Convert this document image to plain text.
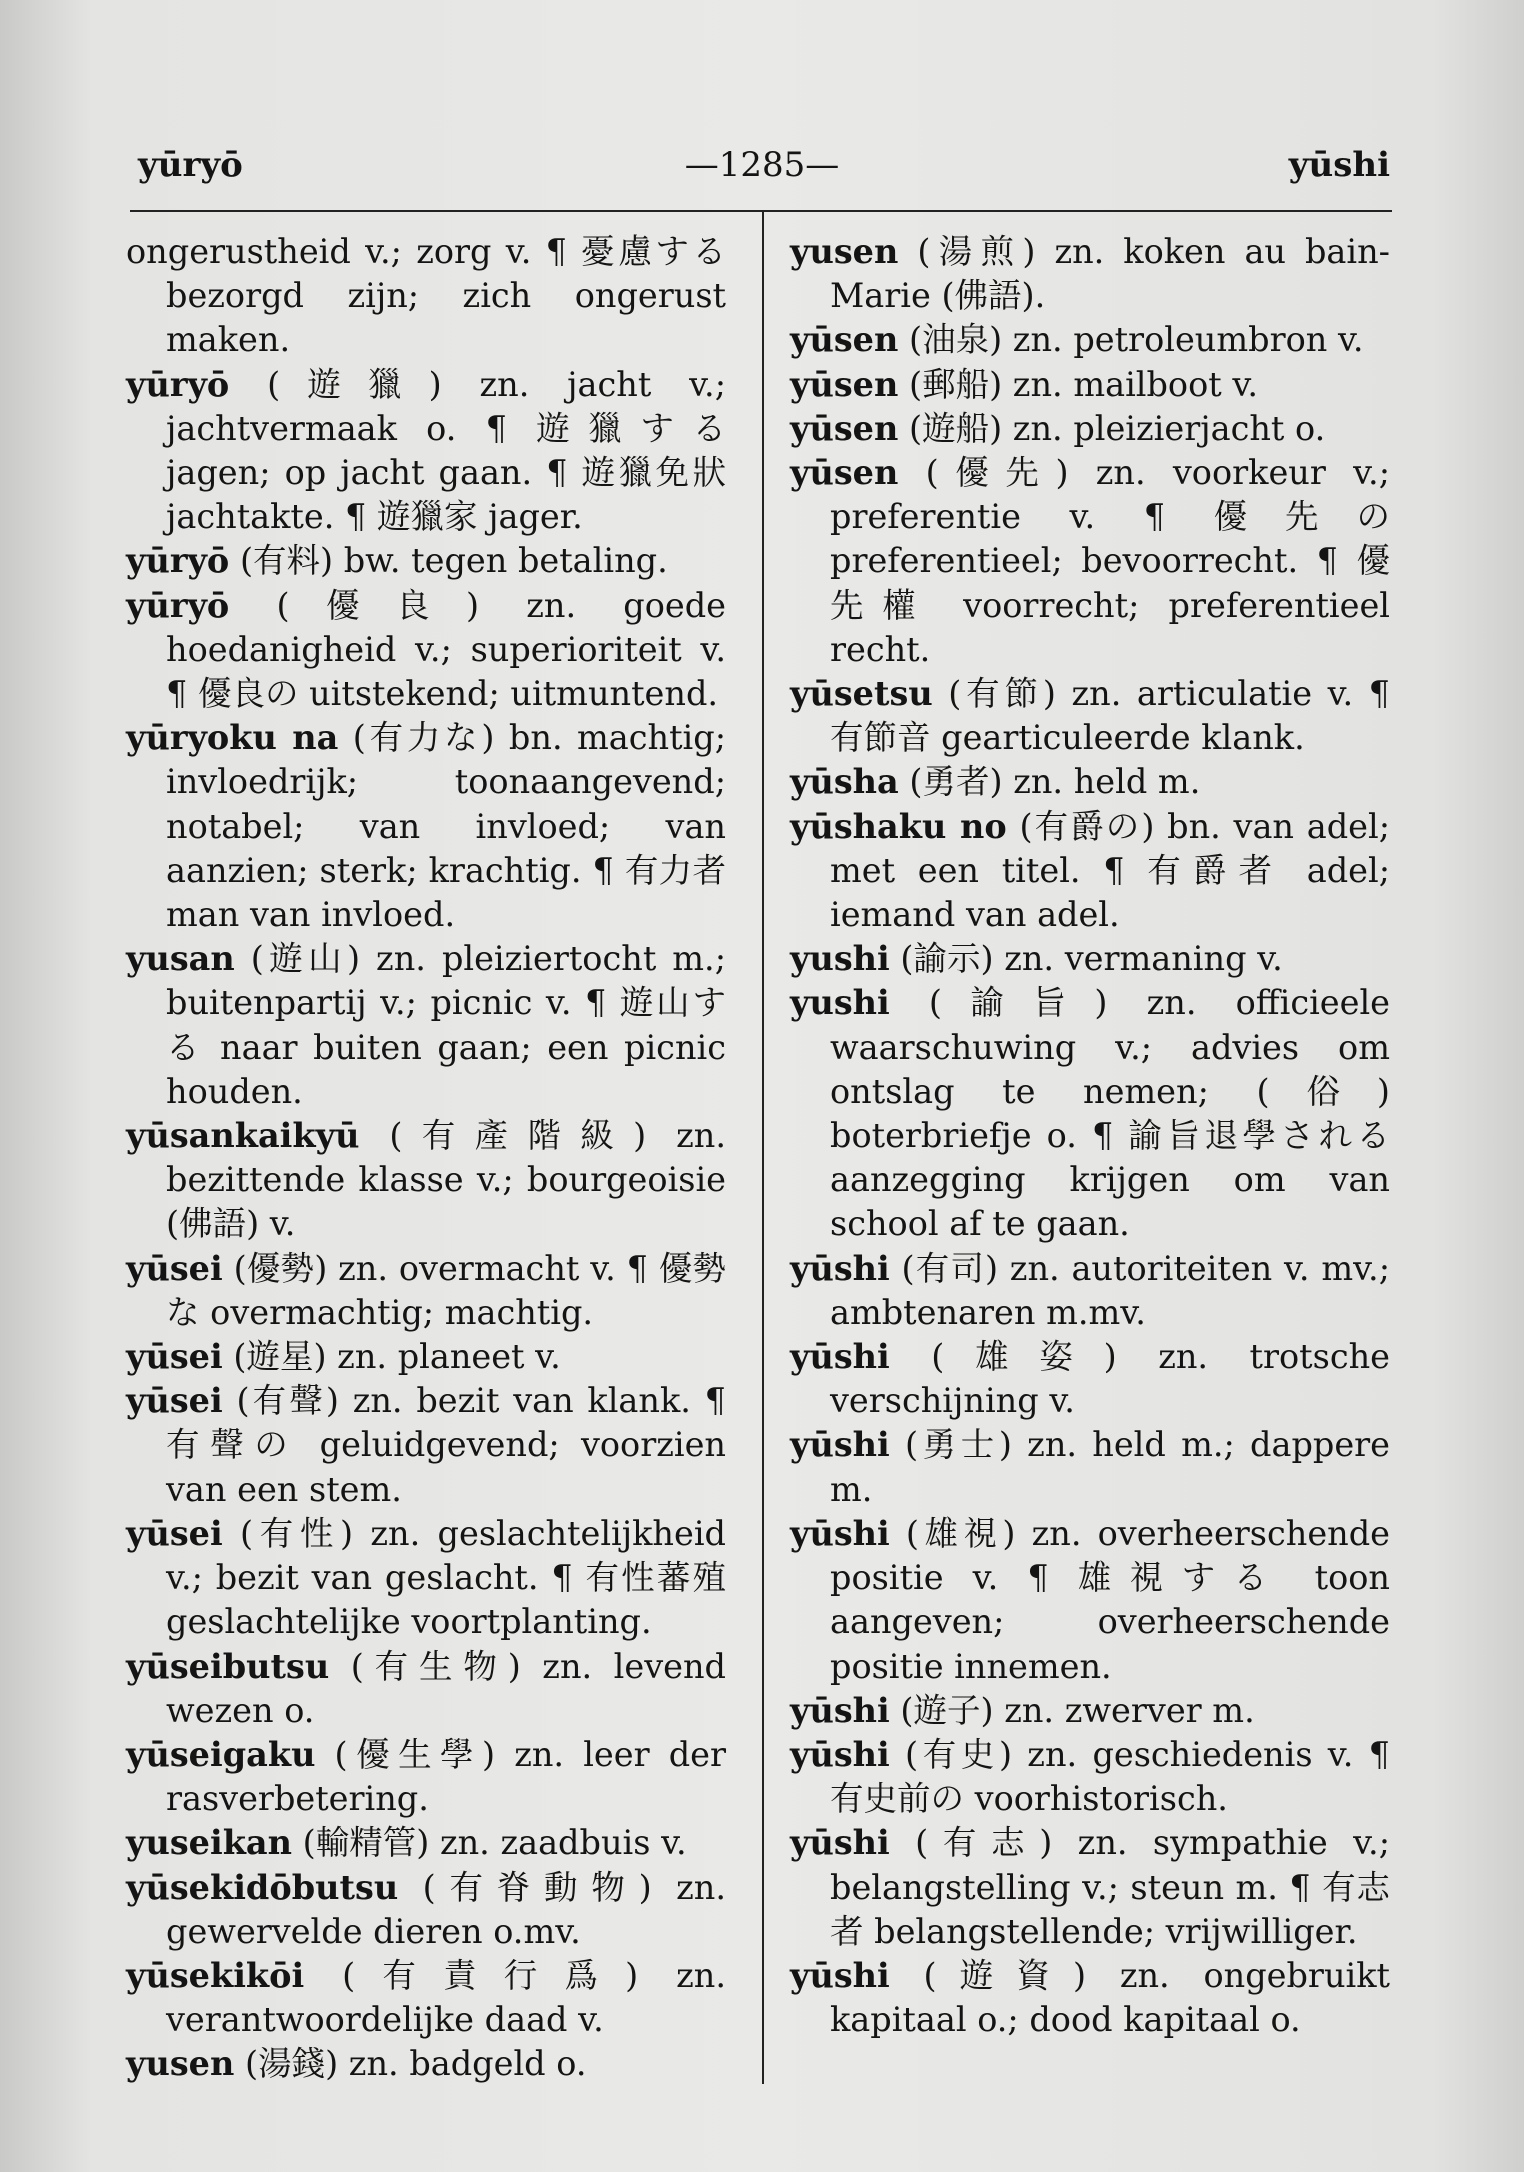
yūryō	—1285—	yūshi

ongerustheid v.; zorg v. ¶ 憂慮する bezorgd zijn; zich ongerust maken.

yūryō (遊獵) zn. jacht v.; jachtvermaak o. ¶ 遊獵する jagen; op jacht gaan. ¶ 遊獵免狀 jachtakte. ¶ 遊獵家 jager.

yūryō (有料) bw. tegen betaling.

yūryō (優良) zn. goede hoedanigheid v.; superioriteit v. ¶ 優良の uitstekend; uitmuntend.

yūryoku na (有力な) bn. machtig; invloedrijk; toonaangevend; notabel; van invloed; van aanzien; sterk; krachtig. ¶ 有力者 man van invloed.

yusan (遊山) zn. pleiziertocht m.; buitenpartij v.; picnic v. ¶ 遊山する naar buiten gaan; een picnic houden.

yūsankaikyū (有產階級) zn. bezittende klasse v.; bourgeoisie (佛語) v.

yūsei (優勢) zn. overmacht v. ¶ 優勢な overmachtig; machtig.

yūsei (遊星) zn. planeet v.

yūsei (有聲) zn. bezit van klank. ¶ 有聲の geluidgevend; voorzien van een stem.

yūsei (有性) zn. geslachtelijkheid v.; bezit van geslacht. ¶ 有性蕃殖 geslachtelijke voortplanting.

yūseibutsu (有生物) zn. levend wezen o.

yūseigaku (優生學) zn. leer der rasverbetering.

yuseikan (輸精管) zn. zaadbuis v.

yūsekidōbutsu (有脊動物) zn. gewervelde dieren o.mv.

yūsekikōi (有責行爲) zn. verantwoordelijke daad v.

yusen (湯錢) zn. badgeld o.

yusen (湯煎) zn. koken au bain-Marie (佛語).

yūsen (油泉) zn. petroleumbron v.

yūsen (郵船) zn. mailboot v.

yūsen (遊船) zn. pleizierjacht o.

yūsen (優先) zn. voorkeur v.; preferentie v. ¶ 優先の preferentieel; bevoorrecht. ¶ 優先權 voorrecht; preferentieel recht.

yūsetsu (有節) zn. articulatie v. ¶ 有節音 gearticuleerde klank.

yūsha (勇者) zn. held m.

yūshaku no (有爵の) bn. van adel; met een titel. ¶ 有爵者 adel; iemand van adel.

yushi (諭示) zn. vermaning v.

yushi (諭旨) zn. officieele waarschuwing v.; advies om ontslag te nemen; (俗) boterbriefje o. ¶ 諭旨退學される aanzegging krijgen om van school af te gaan.

yūshi (有司) zn. autoriteiten v. mv.; ambtenaren m.mv.

yūshi (雄姿) zn. trotsche verschijning v.

yūshi (勇士) zn. held m.; dappere m.

yūshi (雄視) zn. overheerschende positie v. ¶ 雄視する toon aangeven; overheerschende positie innemen.

yūshi (遊子) zn. zwerver m.

yūshi (有史) zn. geschiedenis v. ¶ 有史前の voorhistorisch.

yūshi (有志) zn. sympathie v.; belangstelling v.; steun m. ¶ 有志者 belangstellende; vrijwilliger.

yūshi (遊資) zn. ongebruikt kapitaal o.; dood kapitaal o.
